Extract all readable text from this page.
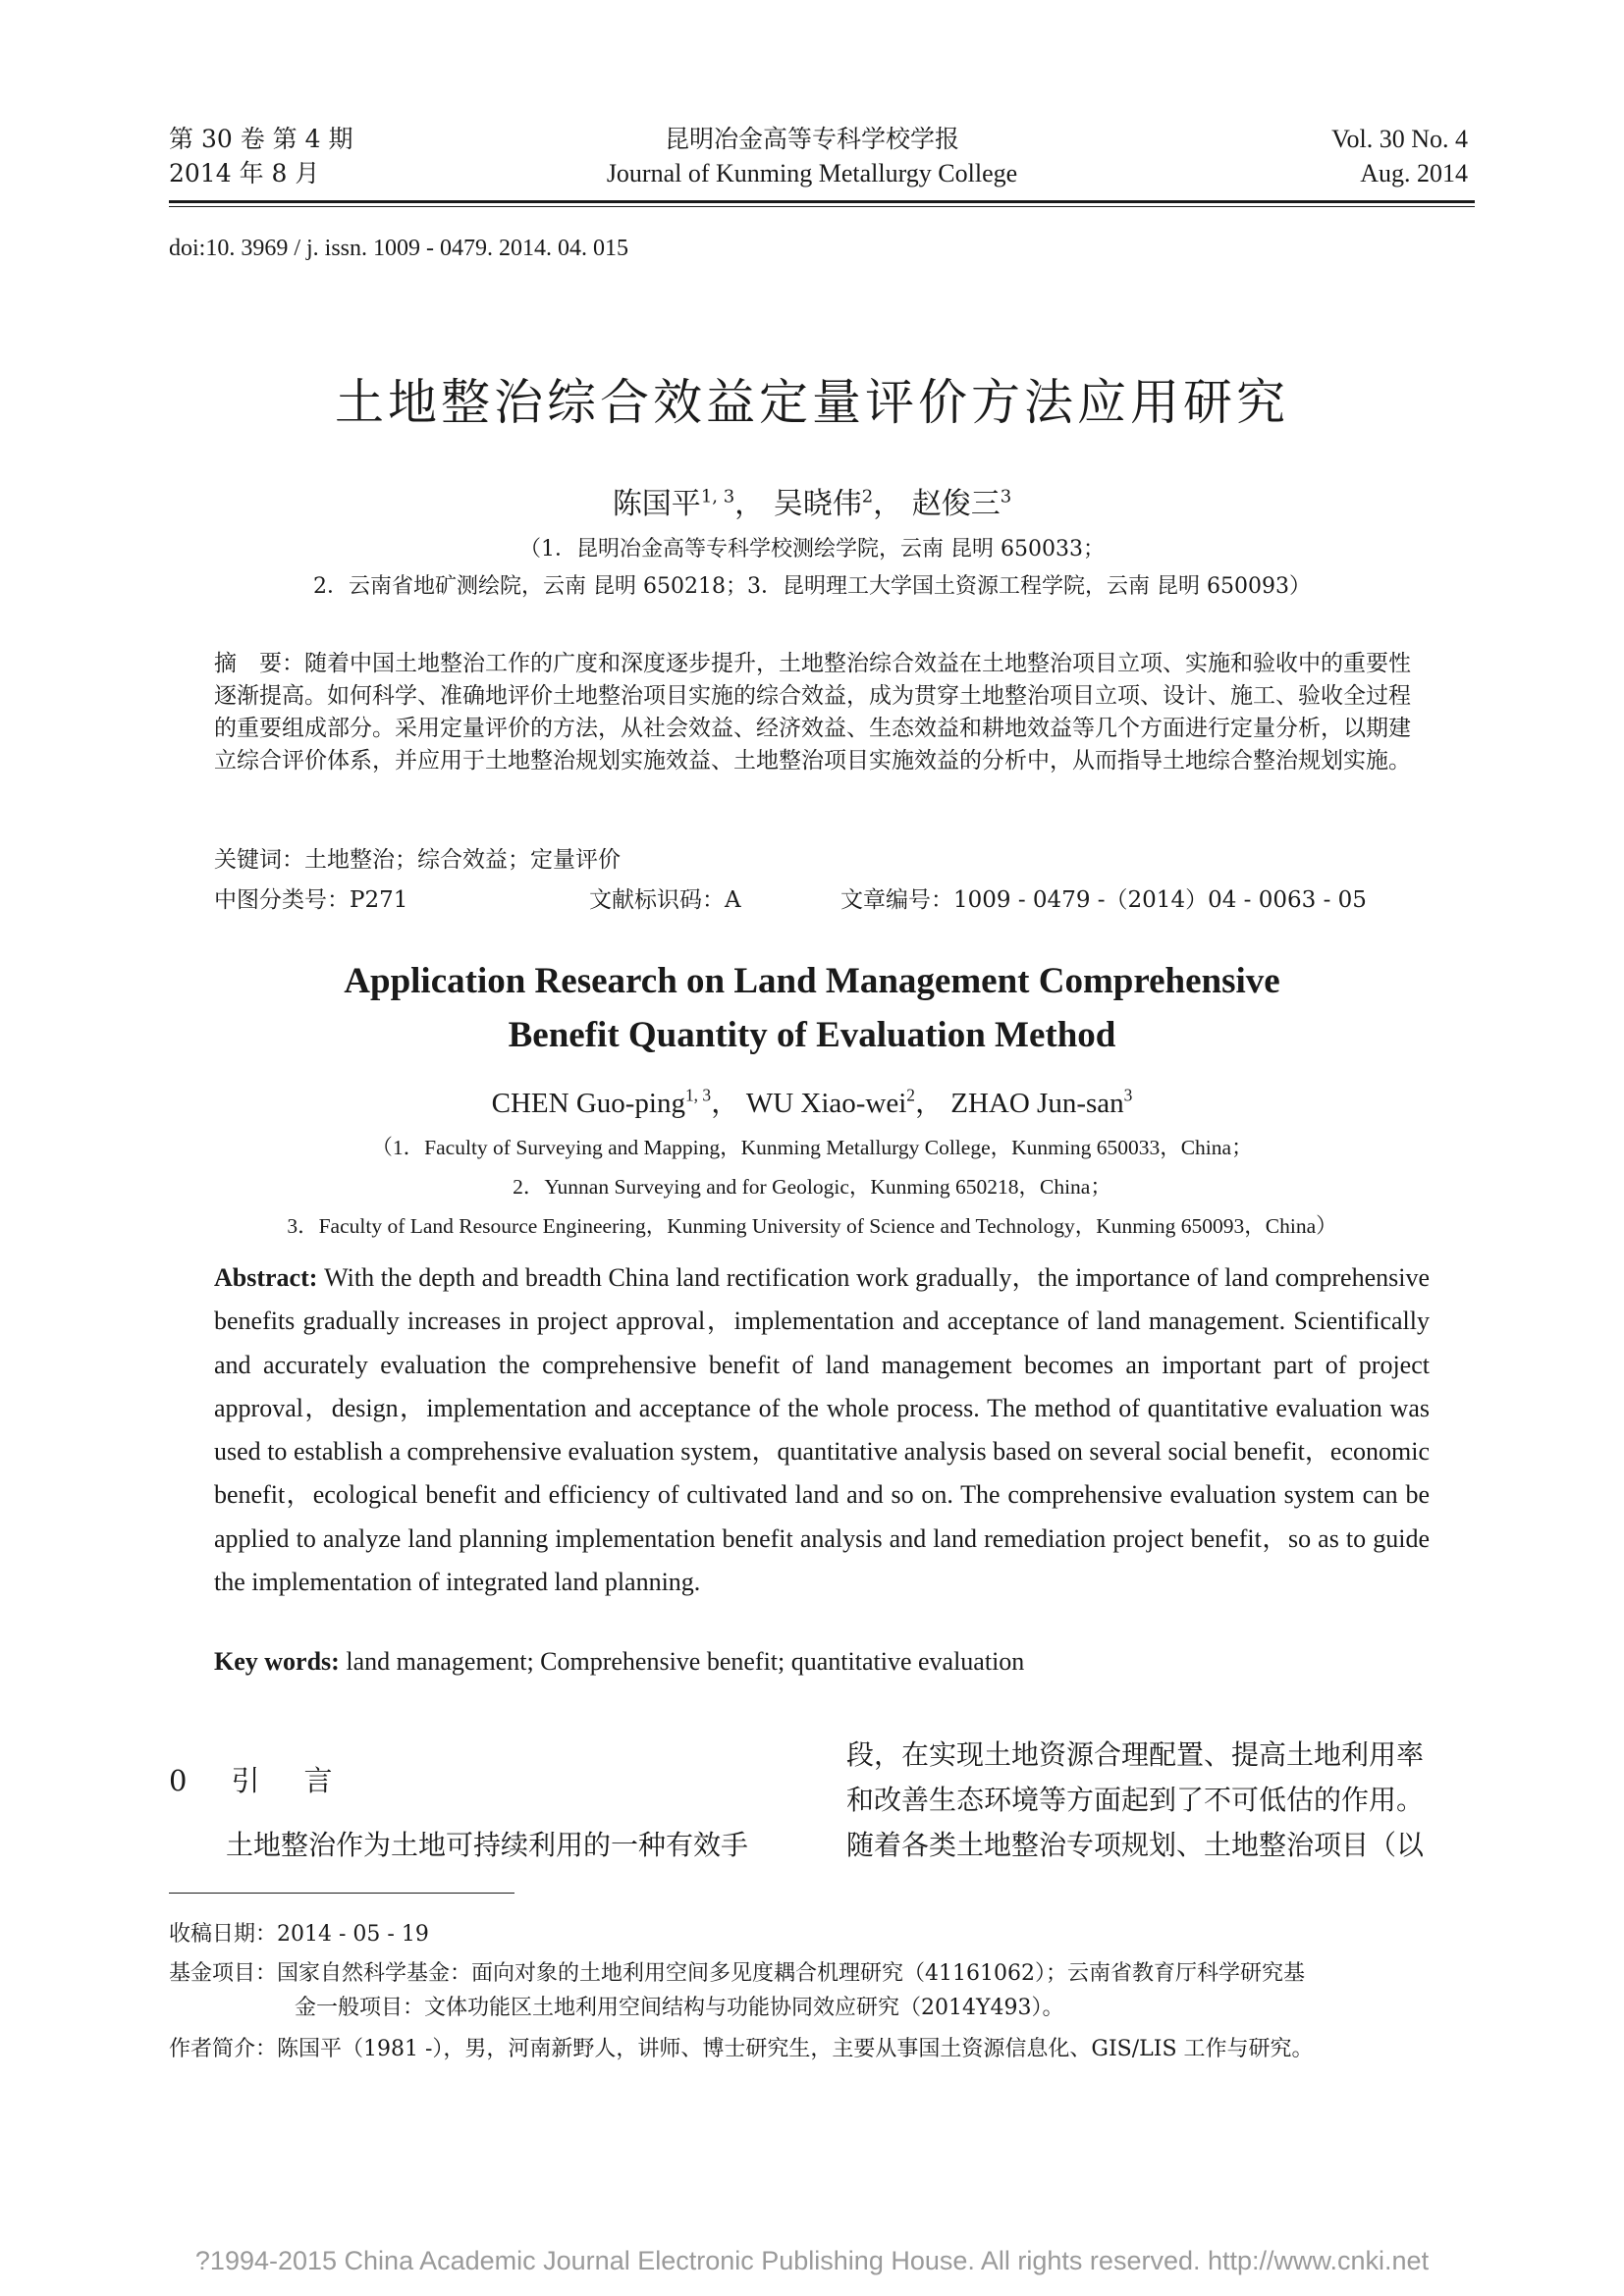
第 30 卷 第 4 期
2014 年 8 月
昆明冶金高等专科学校学报
Journal of Kunming Metallurgy College
Vol. 30 No. 4
Aug. 2014
doi:10. 3969 / j. issn. 1009 - 0479. 2014. 04. 015
土地整治综合效益定量评价方法应用研究
陈国平$^{1, 3}$， 吴晓伟$^2$， 赵俊三$^3$
（1．昆明冶金高等专科学校测绘学院，云南 昆明 650033；
2．云南省地矿测绘院，云南 昆明 650218；3．昆明理工大学国土资源工程学院，云南 昆明 650093）
摘　要：随着中国土地整治工作的广度和深度逐步提升，土地整治综合效益在土地整治项目立项、实施和验收中的重要性逐渐提高。如何科学、准确地评价土地整治项目实施的综合效益，成为贯穿土地整治项目立项、设计、施工、验收全过程的重要组成部分。采用定量评价的方法，从社会效益、经济效益、生态效益和耕地效益等几个方面进行定量分析，以期建立综合评价体系，并应用于土地整治规划实施效益、土地整治项目实施效益的分析中，从而指导土地综合整治规划实施。
关键词：土地整治；综合效益；定量评价
中图分类号：P271	文献标识码：A	文章编号：1009 - 0479 -（2014）04 - 0063 - 05
Application Research on Land Management Comprehensive
Benefit Quantity of Evaluation Method
CHEN Guo-ping$^{1, 3}$， WU Xiao-wei$^2$， ZHAO Jun-san$^3$
（1．Faculty of Surveying and Mapping，Kunming Metallurgy College，Kunming 650033，China；
2．Yunnan Surveying and for Geologic，Kunming 650218，China；
3．Faculty of Land Resource Engineering，Kunming University of Science and Technology，Kunming 650093，China）
Abstract: With the depth and breadth China land rectification work gradually，the importance of land comprehensive benefits gradually increases in project approval，implementation and acceptance of land management. Scientifically and accurately evaluation the comprehensive benefit of land management becomes an important part of project approval，design，implementation and acceptance of the whole process. The method of quantitative evaluation was used to establish a comprehensive evaluation system，quantitative analysis based on several social benefit，economic benefit，ecological benefit and efficiency of cultivated land and so on. The comprehensive evaluation system can be applied to analyze land planning implementation benefit analysis and land remediation project benefit，so as to guide the implementation of integrated land planning.
Key words: land management; Comprehensive benefit; quantitative evaluation
0　引　言
土地整治作为土地可持续利用的一种有效手
段，在实现土地资源合理配置、提高土地利用率
和改善生态环境等方面起到了不可低估的作用。
随着各类土地整治专项规划、土地整治项目（以
收稿日期：2014 - 05 - 19
基金项目：国家自然科学基金：面向对象的土地利用空间多见度耦合机理研究（41161062）；云南省教育厅科学研究基
金一般项目：文体功能区土地利用空间结构与功能协同效应研究（2014Y493）。
作者简介：陈国平（1981 -），男，河南新野人，讲师、博士研究生，主要从事国土资源信息化、GIS/LIS 工作与研究。
?1994-2015 China Academic Journal Electronic Publishing House. All rights reserved. http://www.cnki.net
